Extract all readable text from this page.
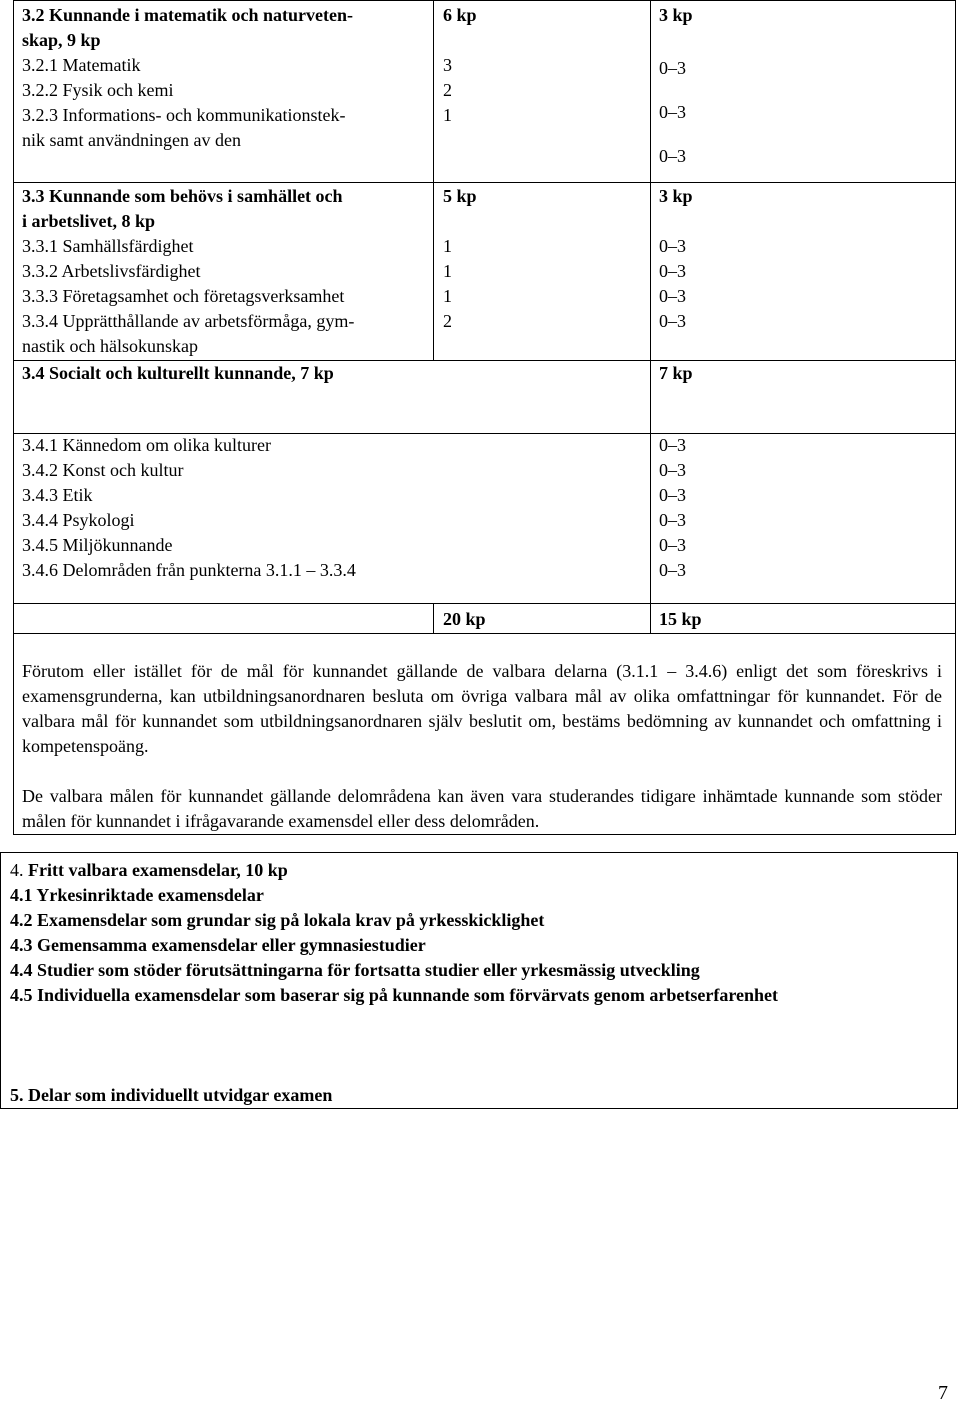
3.2 Kunnande i matematik och naturveten-
skap, 9 kp
3.2.1 Matematik
3.2.2 Fysik och kemi
3.2.3 Informations- och kommunikationstek-
nik samt användningen av den
6 kp
3
2
1
3 kp
0–3
0–3
0–3
3.3 Kunnande som behövs i samhället och
i arbetslivet, 8 kp
3.3.1 Samhällsfärdighet
3.3.2 Arbetslivsfärdighet
3.3.3 Företagsamhet och företagsverksamhet
3.3.4 Upprätthållande av arbetsförmåga, gym-
nastik och hälsokunskap
5 kp
1
1
1
2
3 kp
0–3
0–3
0–3
0–3
3.4 Socialt och kulturellt kunnande, 7 kp	7 kp
3.4.1 Kännedom om olika kulturer
3.4.2 Konst och kultur
3.4.3 Etik
3.4.4 Psykologi
3.4.5 Miljökunnande
3.4.6 Delområden från punkterna 3.1.1 – 3.3.4
0–3
0–3
0–3
0–3
0–3
0–3
20 kp	15 kp
Förutom eller istället för de mål för kunnandet gällande de valbara delarna (3.1.1 – 3.4.6) enligt det som föreskrivs i examensgrunderna, kan utbildningsanordnaren besluta om övriga valbara mål av olika omfattningar för kunnandet. För de valbara mål för kunnandet som utbildningsanordnaren själv beslutit om, bestäms bedömning av kunnandet och omfattning i kompetenspoäng.
De valbara målen för kunnandet gällande delområdena kan även vara studerandes tidigare inhämtade kunnande som stöder målen för kunnandet i ifrågavarande examensdel eller dess delområden.
4. Fritt valbara examensdelar, 10 kp
4.1 Yrkesinriktade examensdelar
4.2 Examensdelar som grundar sig på lokala krav på yrkesskicklighet
4.3 Gemensamma examensdelar eller gymnasiestudier
4.4 Studier som stöder förutsättningarna för fortsatta studier eller yrkesmässig utveckling
4.5 Individuella examensdelar som baserar sig på kunnande som förvärvats genom arbetserfarenhet
5. Delar som individuellt utvidgar examen
7
